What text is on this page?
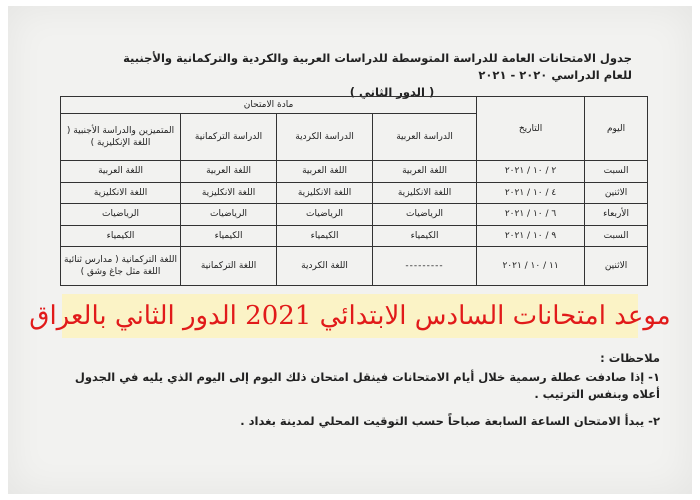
جدول الامتحانات العامة للدراسة المتوسطة للدراسات العربية والكردية والتركمانية والأجنبية
للعام الدراسي ٢٠٢٠ - ٢٠٢١
( الدور الثاني )
اليوم	التاريخ	مادة الامتحان			
		الدراسة العربية	الدراسة الكردية	الدراسة التركمانية	المتميزين والدراسة الأجنبية ( اللغة الإنكليزية )
السبت	٢ / ١٠ / ٢٠٢١	اللغة العربية	اللغة العربية	اللغة العربية	اللغة العربية
الاثنين	٤ / ١٠ / ٢٠٢١	اللغة الانكليزية	اللغة الانكليزية	اللغة الانكليزية	اللغة الانكليزية
الأربعاء	٦ / ١٠ / ٢٠٢١	الرياضيات	الرياضيات	الرياضيات	الرياضيات
السبت	٩ / ١٠ / ٢٠٢١	الكيمياء	الكيمياء	الكيمياء	الكيمياء
الاثنين	١١ / ١٠ / ٢٠٢١	---------	اللغة الكردية	اللغة التركمانية	اللغة التركمانية ( مدارس ثنائية اللغة مثل جاغ وشق )
موعد امتحانات السادس الابتدائي 2021 الدور الثاني بالعراق
ملاحظات :
١- إذا صادفت عطلة رسمية خلال أيام الامتحانات فينقل امتحان ذلك اليوم إلى اليوم الذي يليه في الجدول أعلاه وبنفس الترتيب .
٢- يبدأ الامتحان الساعة السابعة صباحاً حسب التوقيت المحلي لمدينة بغداد .
